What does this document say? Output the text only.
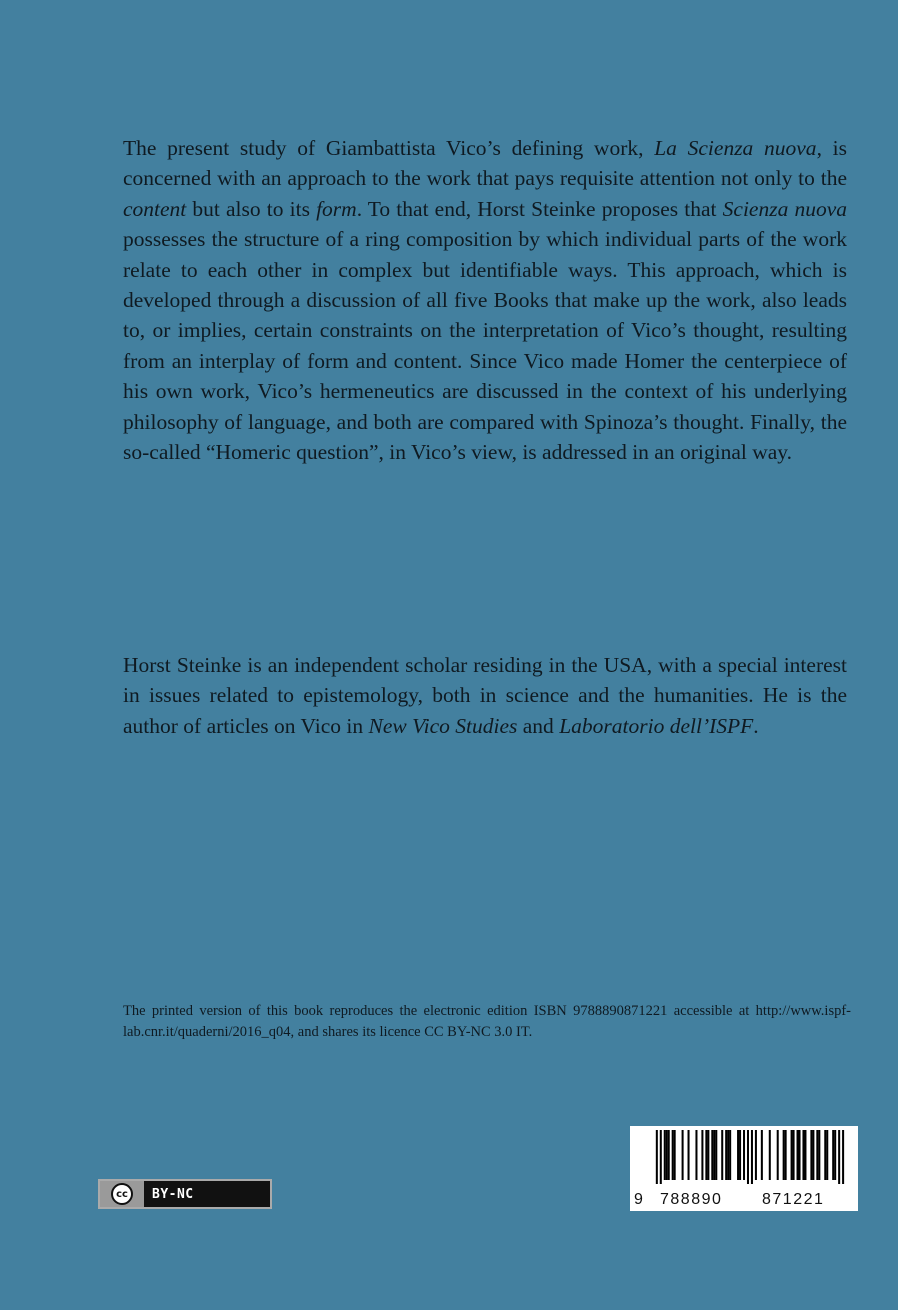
The present study of Giambattista Vico’s defining work, La Scienza nuova, is concerned with an approach to the work that pays requisite attention not only to the content but also to its form. To that end, Horst Steinke proposes that Scienza nuova possesses the structure of a ring composition by which individual parts of the work relate to each other in complex but identifiable ways. This approach, which is developed through a discussion of all five Books that make up the work, also leads to, or implies, certain constraints on the interpretation of Vico’s thought, resulting from an interplay of form and content. Since Vico made Homer the centerpiece of his own work, Vico’s hermeneutics are discussed in the context of his underlying philosophy of language, and both are compared with Spinoza’s thought. Finally, the so-called “Homeric question”, in Vico’s view, is addressed in an original way.

Horst Steinke is an independent scholar residing in the USA, with a special interest in issues related to epistemology, both in science and the humanities. He is the author of articles on Vico in New Vico Studies and Laboratorio dell’ISPF.

The printed version of this book reproduces the electronic edition ISBN 9788890871221 accessible at http://www.ispf-lab.cnr.it/quaderni/2016_q04, and shares its licence CC BY-NC 3.0 IT.

cc	BY-NC	9 788890 871221
